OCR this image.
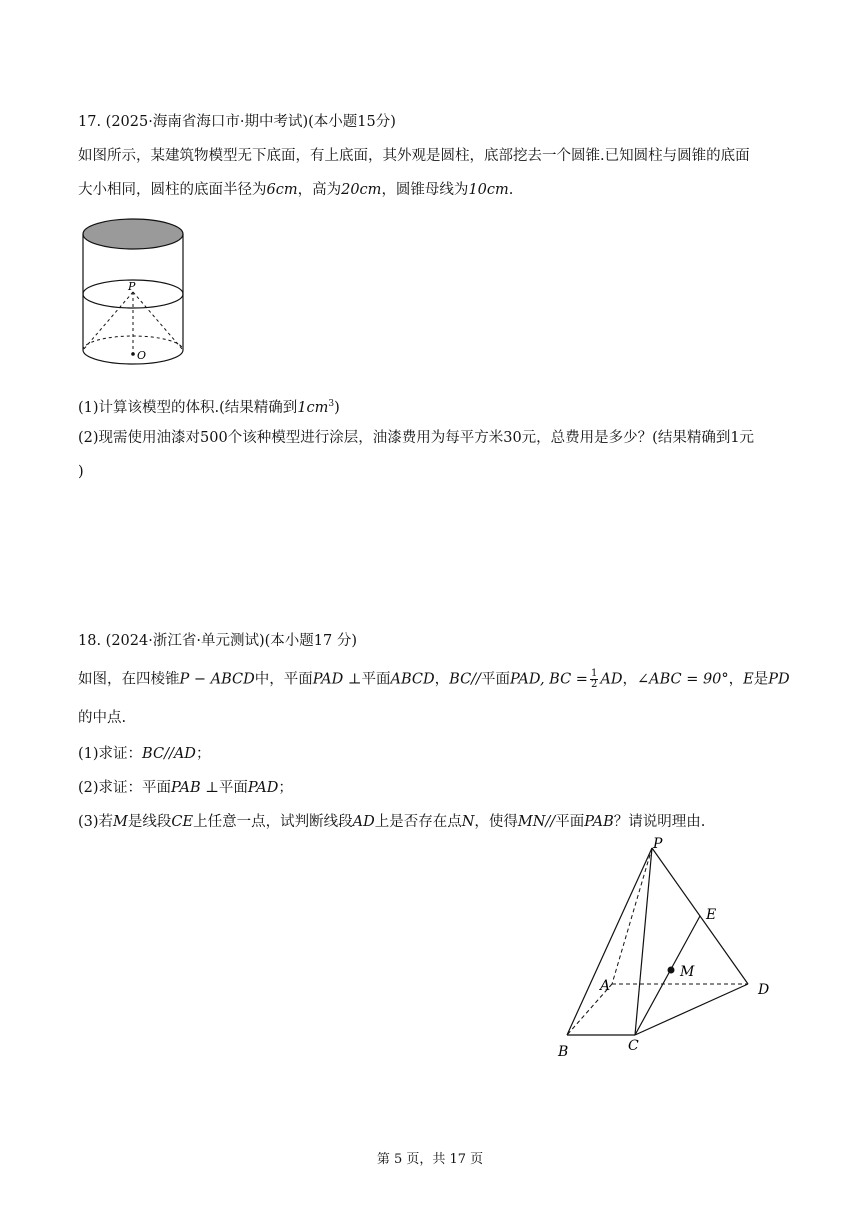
17. (2025·海南省海口市·期中考试)(本小题15分)
如图所示，某建筑物模型无下底面，有上底面，其外观是圆柱，底部挖去一个圆锥.已知圆柱与圆锥的底面
大小相同，圆柱的底面半径为6cm，高为20cm，圆锥母线为10cm.
P
O
(1)计算该模型的体积.(结果精确到$1cm^3$)
(2)现需使用油漆对500个该种模型进行涂层，油漆费用为每平方米30元，总费用是多少？(结果精确到1元
)
18. (2024·浙江省·单元测试)(本小题17 分)
如图，在四棱锥P − ABCD中，平面PAD ⊥平面ABCD，BC//平面PAD, BC = $\frac{1}{2}$ AD，∠ABC = 90°，E是PD
的中点.
(1)求证：BC//AD；
(2)求证：平面PAB ⊥平面PAD；
(3)若M是线段CE上任意一点，试判断线段AD上是否存在点N，使得MN//平面PAB？请说明理由.
P
E
M
A	D
B	C
第 5 页，共 17 页
